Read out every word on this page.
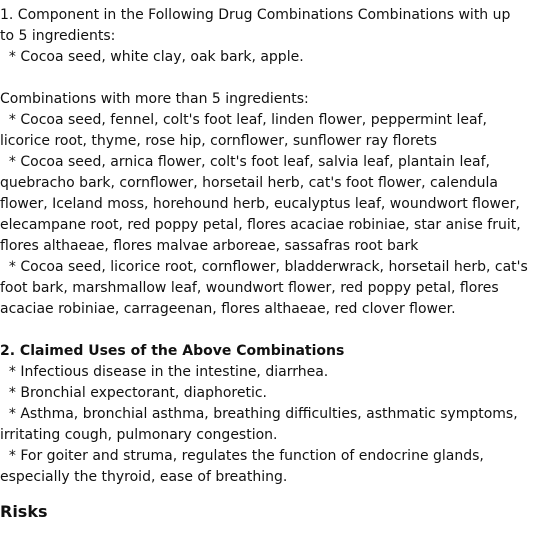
1. Component in the Following Drug Combinations Combinations with up
to 5 ingredients:
* Cocoa seed, white clay, oak bark, apple.

Combinations with more than 5 ingredients:
* Cocoa seed, fennel, colt's foot leaf, linden flower, peppermint leaf,
licorice root, thyme, rose hip, cornflower, sunflower ray florets
* Cocoa seed, arnica flower, colt's foot leaf, salvia leaf, plantain leaf,
quebracho bark, cornflower, horsetail herb, cat's foot flower, calendula
flower, Iceland moss, horehound herb, eucalyptus leaf, woundwort flower,
elecampane root, red poppy petal, flores acaciae robiniae, star anise fruit,
flores althaeae, flores malvae arboreae, sassafras root bark
* Cocoa seed, licorice root, cornflower, bladderwrack, horsetail herb, cat's
foot bark, marshmallow leaf, woundwort flower, red poppy petal, flores
acaciae robiniae, carrageenan, flores althaeae, red clover flower.

2. Claimed Uses of the Above Combinations
* Infectious disease in the intestine, diarrhea.
* Bronchial expectorant, diaphoretic.
* Asthma, bronchial asthma, breathing difficulties, asthmatic symptoms,
irritating cough, pulmonary congestion.
* For goiter and struma, regulates the function of endocrine glands,
especially the thyroid, ease of breathing.

Risks
